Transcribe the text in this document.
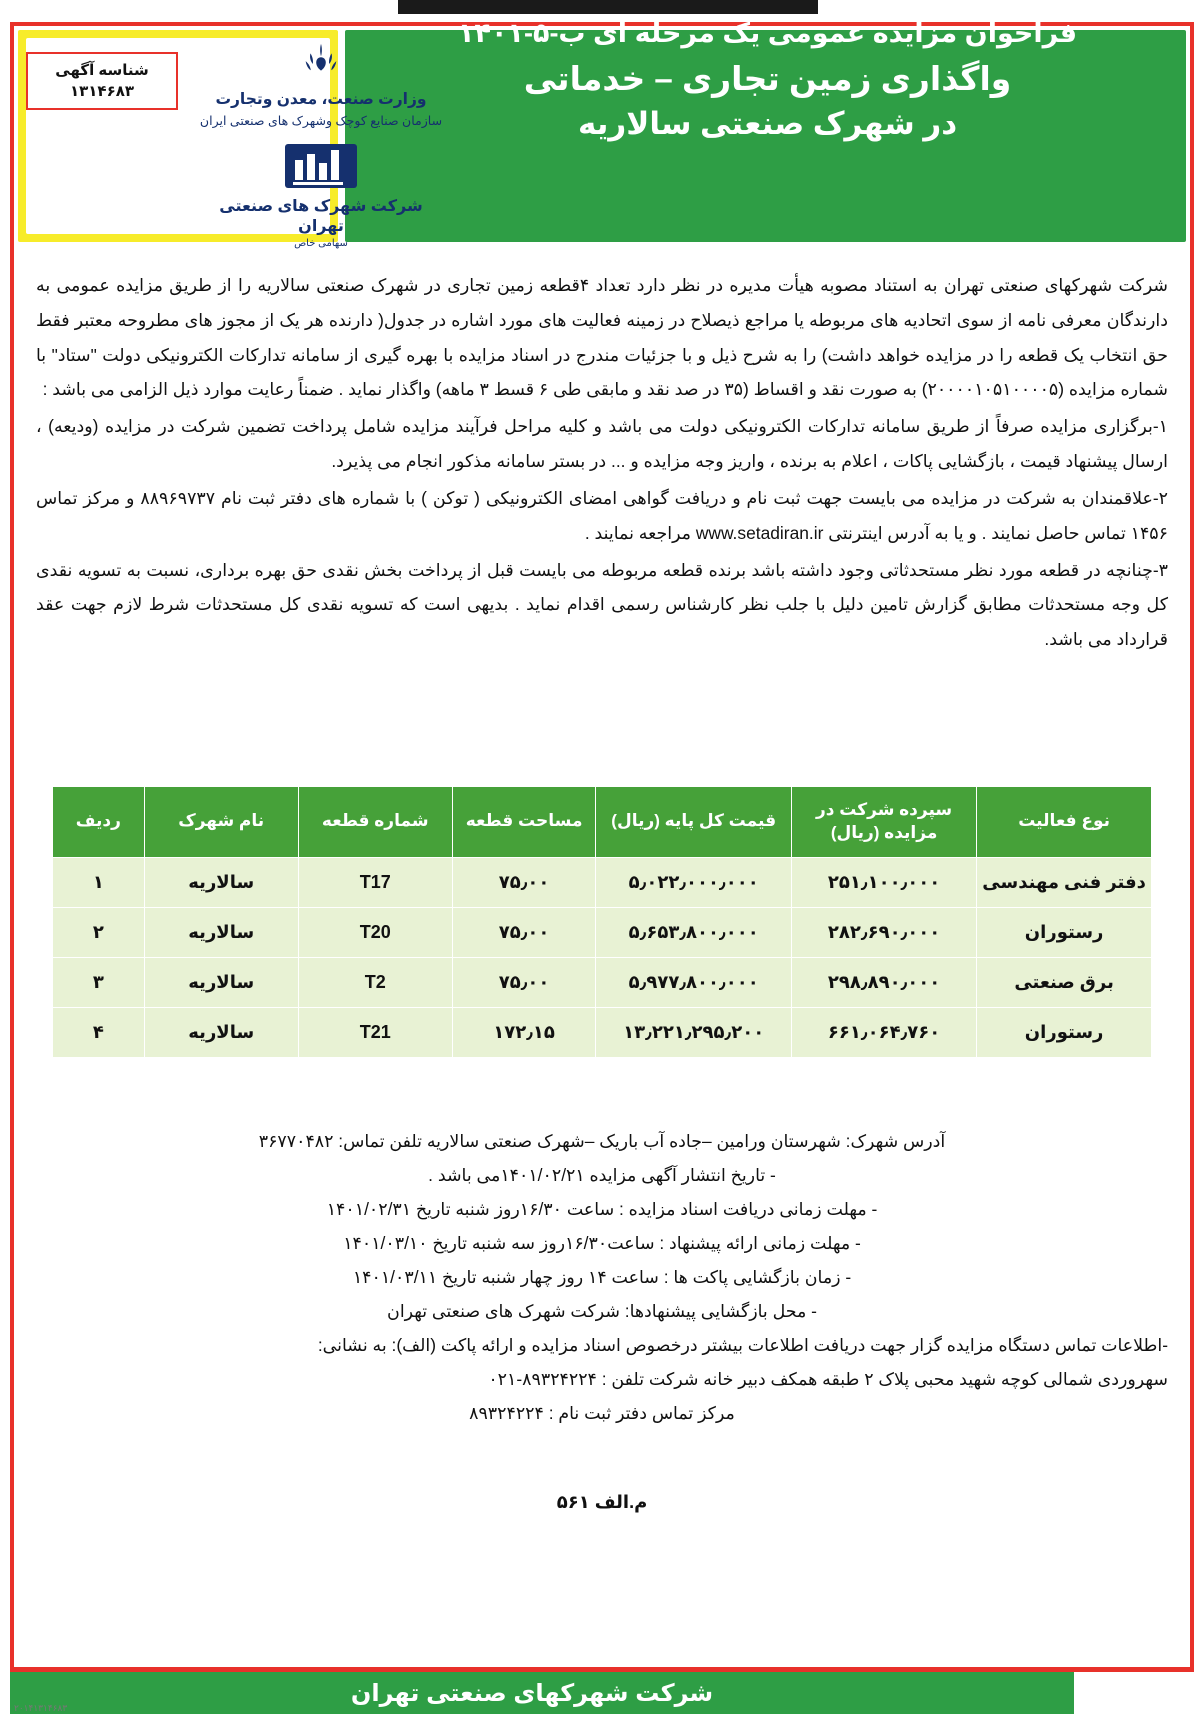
فراخوان مزایده عمومی یک مرحله ای ب-۵-۱۴۰۱
واگذاری زمین تجاری – خدماتی
در شهرک صنعتی سالاریه
شناسه آگهی
۱۳۱۴۶۸۳	وزارت صنعت، معدن وتجارت
سازمان صنایع کوچک وشهرک های صنعتی ایران
شرکت شهرک های صنعتی تهران
سهامی خاص

شرکت شهرکهای صنعتی تهران به استناد مصوبه هیأت مدیره در نظر دارد تعداد ۴قطعه زمین تجاری در شهرک صنعتی سالاریه را از طریق مزایده عمومی به دارندگان معرفی نامه از سوی اتحادیه های مربوطه یا مراجع ذیصلاح در زمینه فعالیت های مورد اشاره در جدول( دارنده هر یک از مجوز های مطروحه معتبر فقط حق انتخاب یک قطعه را در مزایده خواهد داشت) را به شرح ذیل و با جزئیات مندرج در اسناد مزایده با بهره گیری از سامانه تدارکات الکترونیکی دولت "ستاد" با شماره مزایده (۲۰۰۰۰۱۰۵۱۰۰۰۰۵) به صورت نقد و اقساط (۳۵ در صد نقد و مابقی طی ۶ قسط ۳ ماهه) واگذار نماید . ضمناً رعایت موارد ذیل الزامی می باشد :

۱-برگزاری مزایده صرفاً از طریق سامانه تدارکات الکترونیکی دولت می باشد و کلیه مراحل فرآیند مزایده شامل پرداخت تضمین شرکت در مزایده (ودیعه) ، ارسال پیشنهاد قیمت ، بازگشایی پاکات ، اعلام به برنده ، واریز وجه مزایده و ... در بستر سامانه مذکور انجام می پذیرد.

۲-علاقمندان به شرکت در مزایده می بایست جهت ثبت نام و دریافت گواهی امضای الکترونیکی ( توکن ) با شماره های دفتر ثبت نام ۸۸۹۶۹۷۳۷ و مرکز تماس ۱۴۵۶ تماس حاصل نمایند . و یا به آدرس اینترنتی www.setadiran.ir مراجعه نمایند .

۳-چنانچه در قطعه مورد نظر مستحدثاتی وجود داشته باشد برنده قطعه مربوطه می بایست قبل از پرداخت بخش نقدی حق بهره برداری، نسبت به تسویه نقدی کل وجه مستحدثات مطابق گزارش تامین دلیل با جلب نظر کارشناس رسمی اقدام نماید . بدیهی است که تسویه نقدی کل مستحدثات شرط لازم جهت عقد قرارداد می باشد.

نوع فعالیت	سپرده شرکت در مزایده (ریال)	قیمت کل پایه (ریال)	مساحت قطعه	شماره قطعه	نام شهرک	ردیف
دفتر فنی مهندسی	۲۵۱٫۱۰۰٫۰۰۰	۵٫۰۲۲٫۰۰۰٫۰۰۰	۷۵٫۰۰	T17	سالاریه	۱
رستوران	۲۸۲٫۶۹۰٫۰۰۰	۵٫۶۵۳٫۸۰۰٫۰۰۰	۷۵٫۰۰	T20	سالاریه	۲
برق صنعتی	۲۹۸٫۸۹۰٫۰۰۰	۵٫۹۷۷٫۸۰۰٫۰۰۰	۷۵٫۰۰	T2	سالاریه	۳
رستوران	۶۶۱٫۰۶۴٫۷۶۰	۱۳٫۲۲۱٫۲۹۵٫۲۰۰	۱۷۲٫۱۵	T21	سالاریه	۴

آدرس شهرک: شهرستان ورامین –جاده آب باریک –شهرک صنعتی سالاریه تلفن تماس: ۳۶۷۷۰۴۸۲

- تاریخ انتشار آگهی مزایده ۱۴۰۱/۰۲/۲۱می باشد .

- مهلت زمانی دریافت اسناد مزایده : ساعت ۱۶/۳۰روز شنبه تاریخ ۱۴۰۱/۰۲/۳۱

- مهلت زمانی ارائه پیشنهاد : ساعت۱۶/۳۰روز سه شنبه تاریخ ۱۴۰۱/۰۳/۱۰

- زمان بازگشایی پاکت ها : ساعت ۱۴ روز چهار شنبه تاریخ ۱۴۰۱/۰۳/۱۱

- محل بازگشایی پیشنهادها: شرکت شهرک های صنعتی تهران

-اطلاعات تماس دستگاه مزایده گزار جهت دریافت اطلاعات بیشتر درخصوص اسناد مزایده و ارائه پاکت (الف): به نشانی:

سهروردی شمالی کوچه شهید محبی پلاک ۲ طبقه همکف دبیر خانه شرکت تلفن : ۸۹۳۲۴۲۲۴-۰۲۱

مرکز تماس دفتر ثبت نام : ۸۹۳۲۴۲۲۴

م.الف ۵۶۱
شرکت شهرکهای صنعتی تهران
۲۰۱۴۱۳۱۴۶۸۳
